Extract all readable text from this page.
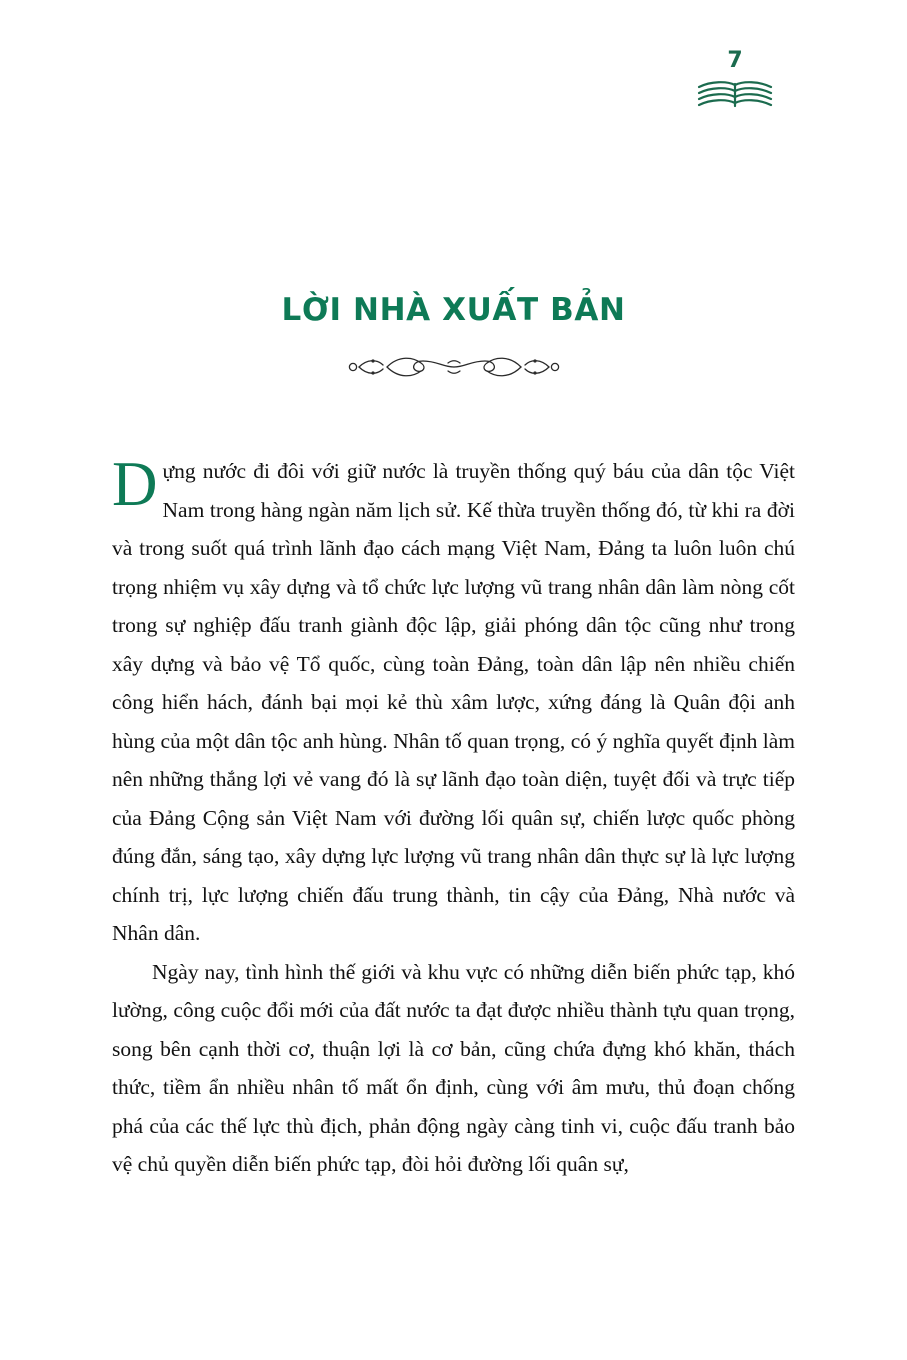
7
LỜI NHÀ XUẤT BẢN

Dựng nước đi đôi với giữ nước là truyền thống quý báu của dân tộc Việt Nam trong hàng ngàn năm lịch sử. Kế thừa truyền thống đó, từ khi ra đời và trong suốt quá trình lãnh đạo cách mạng Việt Nam, Đảng ta luôn luôn chú trọng nhiệm vụ xây dựng và tổ chức lực lượng vũ trang nhân dân làm nòng cốt trong sự nghiệp đấu tranh giành độc lập, giải phóng dân tộc cũng như trong xây dựng và bảo vệ Tổ quốc, cùng toàn Đảng, toàn dân lập nên nhiều chiến công hiển hách, đánh bại mọi kẻ thù xâm lược, xứng đáng là Quân đội anh hùng của một dân tộc anh hùng. Nhân tố quan trọng, có ý nghĩa quyết định làm nên những thắng lợi vẻ vang đó là sự lãnh đạo toàn diện, tuyệt đối và trực tiếp của Đảng Cộng sản Việt Nam với đường lối quân sự, chiến lược quốc phòng đúng đắn, sáng tạo, xây dựng lực lượng vũ trang nhân dân thực sự là lực lượng chính trị, lực lượng chiến đấu trung thành, tin cậy của Đảng, Nhà nước và Nhân dân.

Ngày nay, tình hình thế giới và khu vực có những diễn biến phức tạp, khó lường, công cuộc đổi mới của đất nước ta đạt được nhiều thành tựu quan trọng, song bên cạnh thời cơ, thuận lợi là cơ bản, cũng chứa đựng khó khăn, thách thức, tiềm ẩn nhiều nhân tố mất ổn định, cùng với âm mưu, thủ đoạn chống phá của các thế lực thù địch, phản động ngày càng tinh vi, cuộc đấu tranh bảo vệ chủ quyền diễn biến phức tạp, đòi hỏi đường lối quân sự,
